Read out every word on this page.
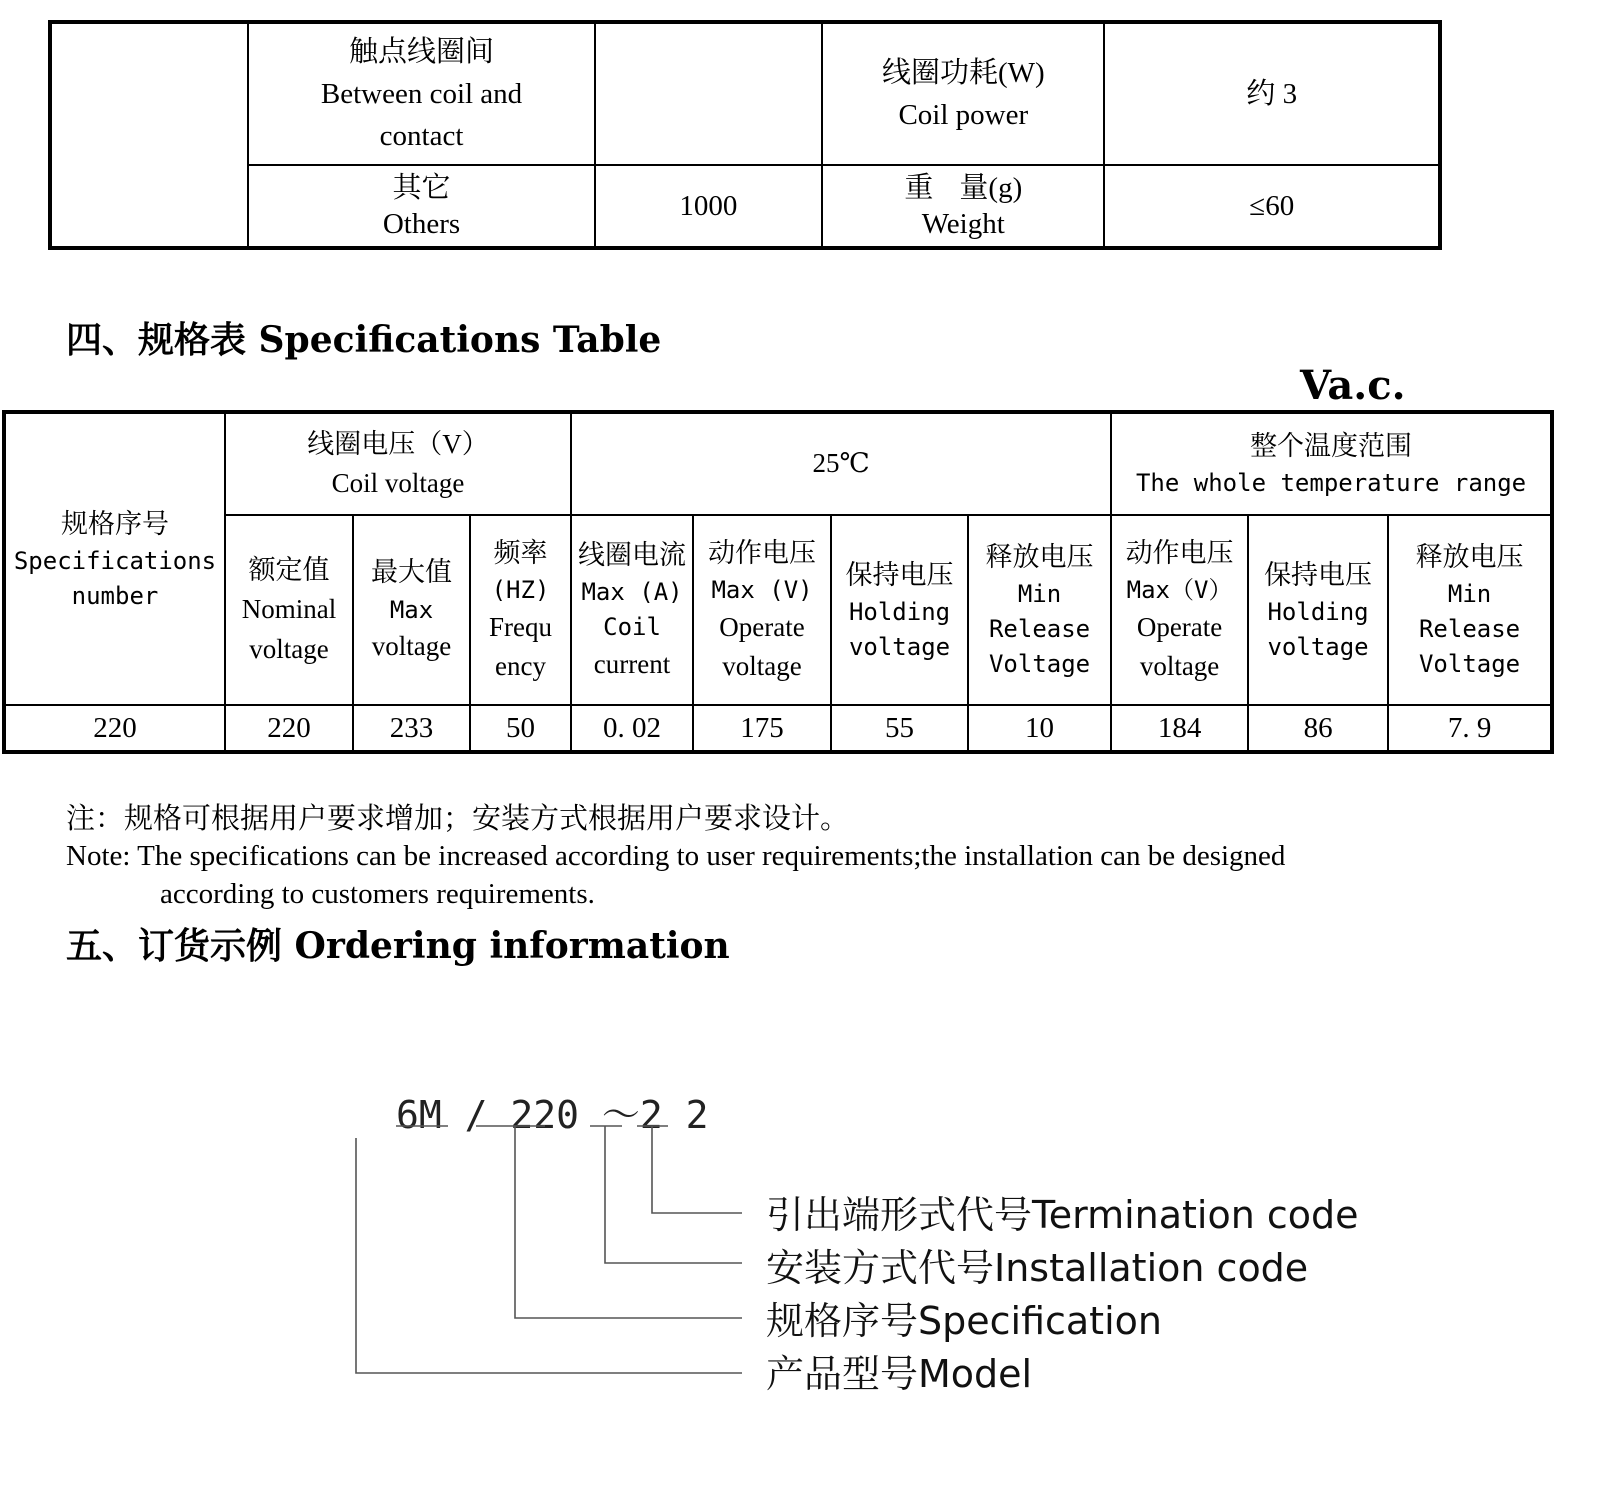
	触点线圈间
Between coil and
contact		线圈功耗(W)
Coil power	约 3

	其它
Others	1000	重量(g)
Weight	≤60
四、规格表 Specifications Table
Va.c.
规格序号
Specifications
number	线圈电压（V）
Coil voltage			25℃				整个温度范围
The whole temperature range		

	额定值
Nominal
voltage	最大值
Max
voltage	频率
(HZ)
Frequ
ency	线圈电流
Max (A)
Coil
current	动作电压
Max (V)
Operate
voltage	保持电压
Holding
voltage	释放电压
Min
Release
Voltage	动作电压
Max（V）
Operate
voltage	保持电压
Holding
voltage	释放电压
Min
Release
Voltage

220	220	233	50	0. 02	175	55	10	184	86	7. 9
注：规格可根据用户要求增加；安装方式根据用户要求设计。
Note: The specifications can be increased according to user requirements;the installation can be designed
according to customers requirements.
五、订货示例 Ordering information
6M / 220 ～2 2
引出端形式代号Termination code
安装方式代号Installation code
规格序号Specification
产品型号Model
